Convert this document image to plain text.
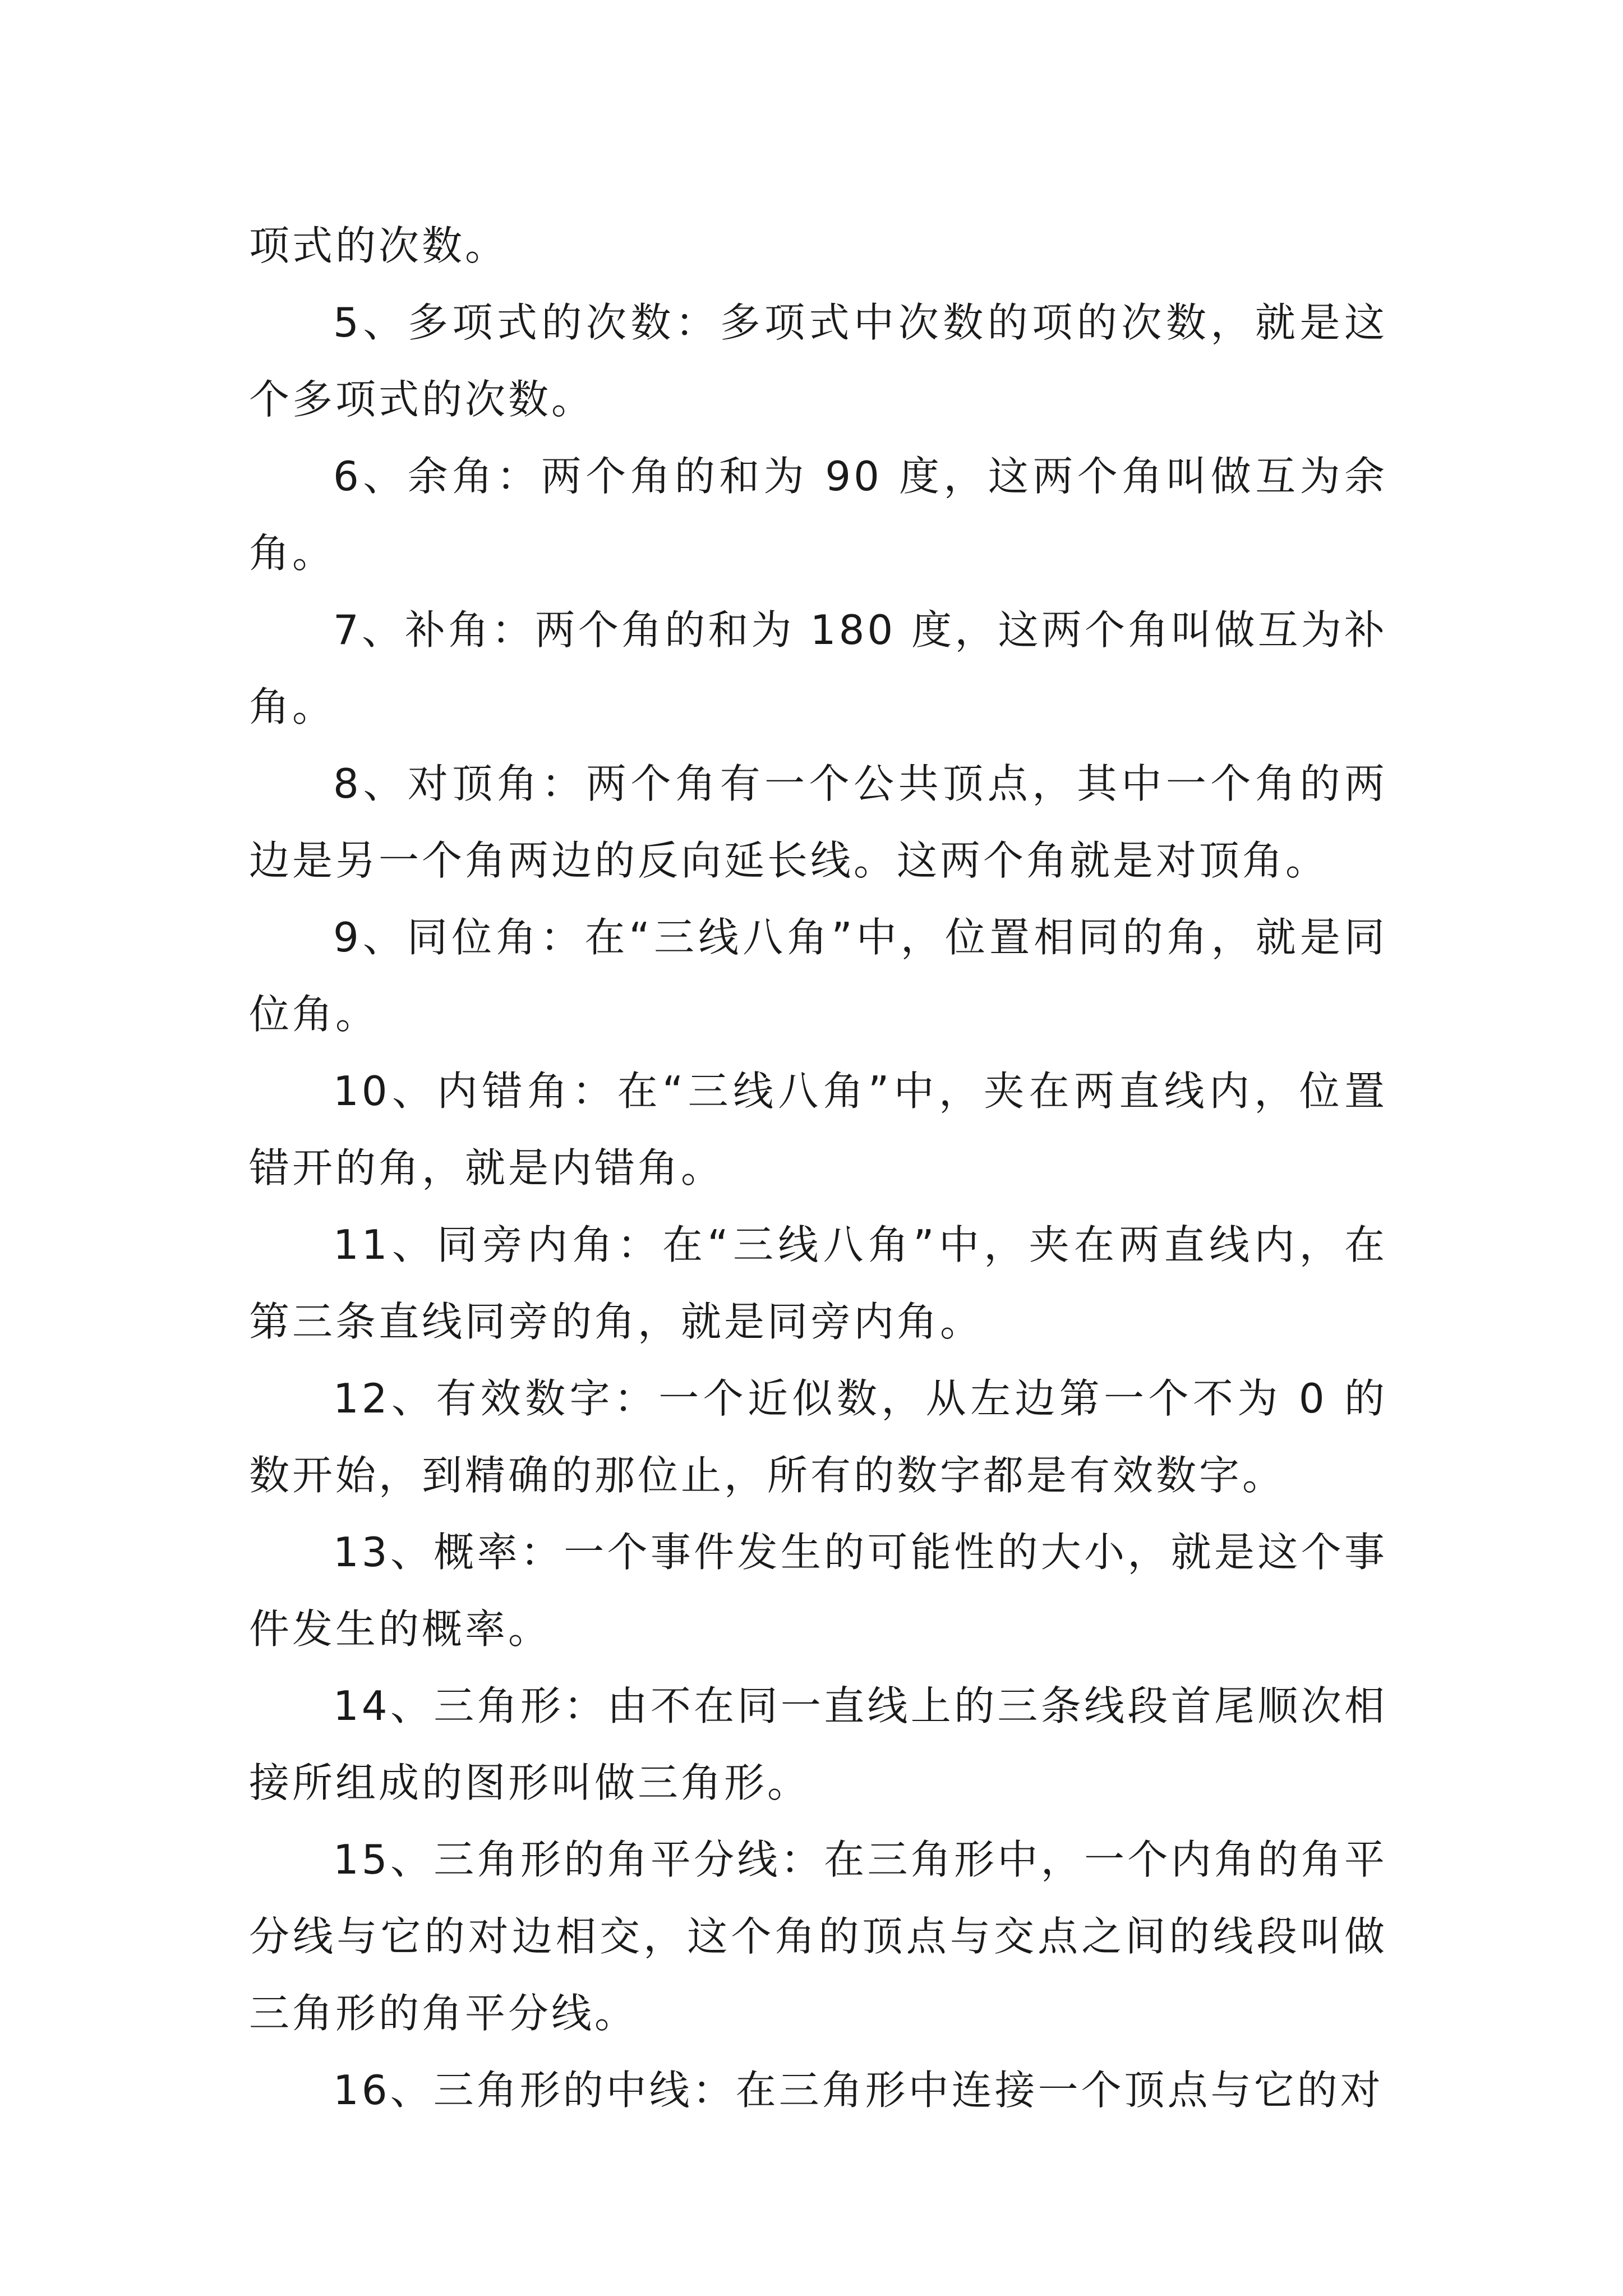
项式的次数。

5、多项式的次数：多项式中次数的项的次数，就是这个多项式的次数。

6、余角：两个角的和为 90 度，这两个角叫做互为余角。

7、补角：两个角的和为 180 度，这两个角叫做互为补角。

8、对顶角：两个角有一个公共顶点，其中一个角的两边是另一个角两边的反向延长线。这两个角就是对顶角。

9、同位角：在“三线八角”中，位置相同的角，就是同位角。

10、内错角：在“三线八角”中，夹在两直线内，位置错开的角，就是内错角。

11、同旁内角：在“三线八角”中，夹在两直线内，在第三条直线同旁的角，就是同旁内角。

12、有效数字：一个近似数，从左边第一个不为 0 的数开始，到精确的那位止，所有的数字都是有效数字。

13、概率：一个事件发生的可能性的大小，就是这个事件发生的概率。

14、三角形：由不在同一直线上的三条线段首尾顺次相接所组成的图形叫做三角形。

15、三角形的角平分线：在三角形中，一个内角的角平分线与它的对边相交，这个角的顶点与交点之间的线段叫做三角形的角平分线。

16、三角形的中线：在三角形中连接一个顶点与它的对
